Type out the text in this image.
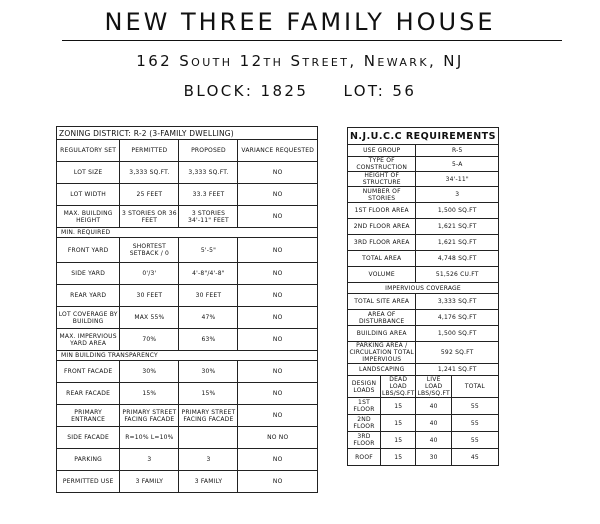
NEW THREE FAMILY HOUSE
162 South 12th Street, Newark, NJ
BLOCK: 1825 LOT: 56
ZONING DISTRICT: R-2 (3-FAMILY DWELLING)			
REGULATORY SET	PERMITTED	PROPOSED	VARIANCE REQUESTED
LOT SIZE	3,333 SQ.FT.	3,333 SQ.FT.	NO
LOT WIDTH	25 FEET	33.3 FEET	NO
MAX. BUILDING HEIGHT	3 STORIES OR 36 FEET	3 STORIES 34'-11" FEET	NO
MIN. REQUIRED			
FRONT YARD	SHORTEST SETBACK / 0	5'-5"	NO
SIDE YARD	0'/3'	4'-8"/4'-8"	NO
REAR YARD	30 FEET	30 FEET	NO
LOT COVERAGE BY BUILDING	MAX 55%	47%	NO
MAX. IMPERVIOUS YARD AREA	70%	63%	NO
MIN BUILDING TRANSPARENCY			
FRONT FACADE	30%	30%	NO
REAR FACADE	15%	15%	NO
PRIMARY ENTRANCE	PRIMARY STREET FACING FACADE	PRIMARY STREET FACING FACADE	NO
SIDE FACADE	R=10% L=10%		NO NO
PARKING	3	3	NO
PERMITTED USE	3 FAMILY	3 FAMILY	NO
N.J.U.C.C REQUIREMENTS			
USE GROUP		R-5	
TYPE OF CONSTRUCTION		5-A	
HEIGHT OF STRUCTURE		34'-11"	
NUMBER OF STORIES		3	
1ST FLOOR AREA		1,500 SQ.FT	
2ND FLOOR AREA		1,621 SQ.FT	
3RD FLOOR AREA		1,621 SQ.FT	
TOTAL AREA		4,748 SQ.FT	
VOLUME		51,526 CU.FT	
IMPERVIOUS COVERAGE			
TOTAL SITE AREA		3,333 SQ.FT	
AREA OF DISTURBANCE		4,176 SQ.FT	
BUILDING AREA		1,500 SQ.FT	
PARKING AREA / CIRCULATION TOTAL IMPERVIOUS		592 SQ.FT	
LANDSCAPING		1,241 SQ.FT	
DESIGN LOADS	DEAD LOAD LBS/SQ.FT	LIVE LOAD LBS/SQ.FT	TOTAL
1ST FLOOR	15	40	55
2ND FLOOR	15	40	55
3RD FLOOR	15	40	55
ROOF	15	30	45
